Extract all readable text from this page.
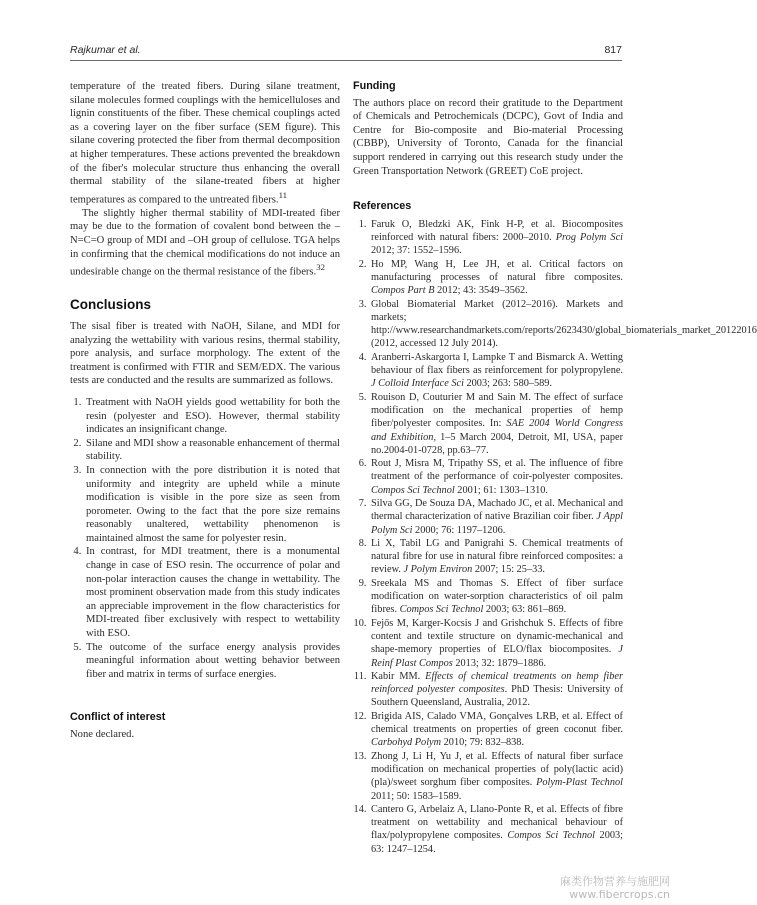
Rajkumar et al.	817

temperature of the treated fibers. During silane treatment, silane molecules formed couplings with the hemicelluloses and lignin constituents of the fiber. These chemical couplings acted as a covering layer on the fiber surface (SEM figure). This silane covering protected the fiber from thermal decomposition at higher temperatures. These actions prevented the breakdown of the fiber's molecular structure thus enhancing the overall thermal stability of the silane-treated fibers at higher temperatures as compared to the untreated fibers.$^{11}$

The slightly higher thermal stability of MDI-treated fiber may be due to the formation of covalent bond between the –N=C=O group of MDI and –OH group of cellulose. TGA helps in confirming that the chemical modifications do not induce an undesirable change on the thermal resistance of the fibers.$^{32}$

Conclusions

The sisal fiber is treated with NaOH, Silane, and MDI for analyzing the wettability with various resins, thermal stability, pore analysis, and surface morphology. The extent of the treatment is confirmed with FTIR and SEM/EDX. The various tests are conducted and the results are summarized as follows.

1. Treatment with NaOH yields good wettability for both the resin (polyester and ESO). However, thermal stability indicates an insignificant change.
2. Silane and MDI show a reasonable enhancement of thermal stability.
3. In connection with the pore distribution it is noted that uniformity and integrity are upheld while a minute modification is visible in the pore size as seen from porometer. Owing to the fact that the pore size remains reasonably unaltered, wettability phenomenon is maintained almost the same for polyester resin.
4. In contrast, for MDI treatment, there is a monumental change in case of ESO resin. The occurrence of polar and non-polar interaction causes the change in wettability. The most prominent observation made from this study indicates an appreciable improvement in the flow characteristics for MDI-treated fiber exclusively with respect to wettability with ESO.
5. The outcome of the surface energy analysis provides meaningful information about wetting behavior between fiber and matrix in terms of surface energies.
Conflict of interest

None declared.

Funding

The authors place on record their gratitude to the Department of Chemicals and Petrochemicals (DCPC), Govt of India and Centre for Bio-composite and Bio-material Processing (CBBP), University of Toronto, Canada for the financial support rendered in carrying out this research study under the Green Transportation Network (GREET) CoE project.

References
1. Faruk O, Bledzki AK, Fink H-P, et al. Biocomposites reinforced with natural fibers: 2000–2010. Prog Polym Sci 2012; 37: 1552–1596.
2. Ho MP, Wang H, Lee JH, et al. Critical factors on manufacturing processes of natural fibre composites. Compos Part B 2012; 43: 3549–3562.
3. Global Biomaterial Market (2012–2016). Markets and markets; http://www.researchandmarkets.com/reports/2623430/global_biomaterials_market_20122016 (2012, accessed 12 July 2014).
4. Aranberri-Askargorta I, Lampke T and Bismarck A. Wetting behaviour of flax fibers as reinforcement for polypropylene. J Colloid Interface Sci 2003; 263: 580–589.
5. Rouison D, Couturier M and Sain M. The effect of surface modification on the mechanical properties of hemp fiber/polyester composites. In: SAE 2004 World Congress and Exhibition, 1–5 March 2004, Detroit, MI, USA, paper no.2004-01-0728, pp.63–77.
6. Rout J, Misra M, Tripathy SS, et al. The influence of fibre treatment of the performance of coir-polyester composites. Compos Sci Technol 2001; 61: 1303–1310.
7. Silva GG, De Souza DA, Machado JC, et al. Mechanical and thermal characterization of native Brazilian coir fiber. J Appl Polym Sci 2000; 76: 1197–1206.
8. Li X, Tabil LG and Panigrahi S. Chemical treatments of natural fibre for use in natural fibre reinforced composites: a review. J Polym Environ 2007; 15: 25–33.
9. Sreekala MS and Thomas S. Effect of fiber surface modification on water-sorption characteristics of oil palm fibres. Compos Sci Technol 2003; 63: 861–869.
10. Fejős M, Karger-Kocsis J and Grishchuk S. Effects of fibre content and textile structure on dynamic-mechanical and shape-memory properties of ELO/flax biocomposites. J Reinf Plast Compos 2013; 32: 1879–1886.
11. Kabir MM. Effects of chemical treatments on hemp fiber reinforced polyester composites. PhD Thesis: University of Southern Queensland, Australia, 2012.
12. Brigida AIS, Calado VMA, Gonçalves LRB, et al. Effect of chemical treatments on properties of green coconut fiber. Carbohyd Polym 2010; 79: 832–838.
13. Zhong J, Li H, Yu J, et al. Effects of natural fiber surface modification on mechanical properties of poly(lactic acid) (pla)/sweet sorghum fiber composites. Polym-Plast Technol 2011; 50: 1583–1589.
14. Cantero G, Arbelaiz A, Llano-Ponte R, et al. Effects of fibre treatment on wettability and mechanical behaviour of flax/polypropylene composites. Compos Sci Technol 2003; 63: 1247–1254.
麻类作物营养与施肥网
www.fibercrops.cn
